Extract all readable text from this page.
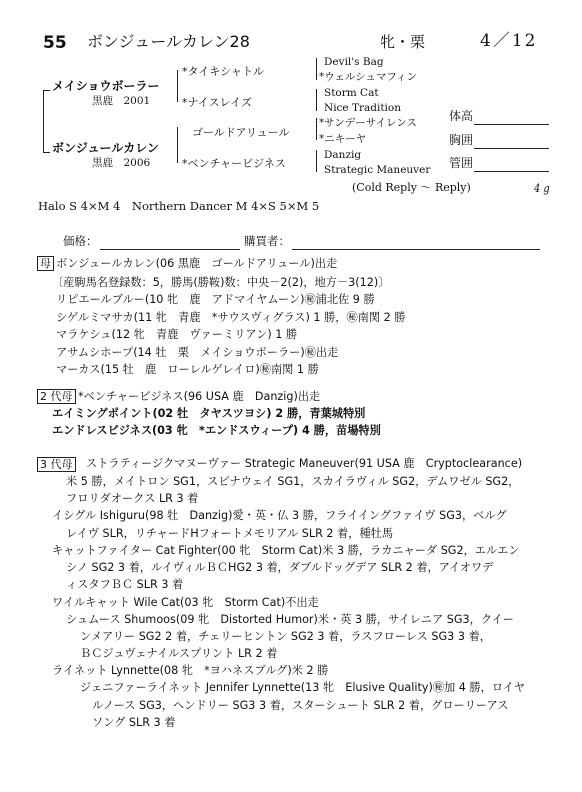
55 ボンジュールカレン28	牝・栗	4／12
メイショウボーラー
黒鹿　2001
ボンジュールカレン
黒鹿　2006
*タイキシャトル
*ナイスレイズ
ゴールドアリュール
*ベンチャービジネス
Devil's Bag
*ウェルシュマフィン
Storm Cat
Nice Tradition
*サンデーサイレンス
*ニキーヤ
Danzig
Strategic Maneuver
体高
胸囲
管囲
(Cold Reply ～ Reply)	4 g
Halo S 4×M 4　Northern Dancer M 4×S 5×M 5
価格：	購買者：
母 ボンジュールカレン(06 黒鹿　ゴールドアリュール)出走
〔産駒馬名登録数：5，勝馬(勝鞍)数：中央－2(2)，地方－3(12)〕
リピエールブルー(10 牝　鹿　アドマイヤムーン)㊙浦北佐 9 勝
シゲルミマサカ(11 牝　青鹿　*サウスヴィグラス) 1 勝，㊙南関 2 勝
マラケシュ(12 牝　青鹿　ヴァーミリアン) 1 勝
アサムシホープ(14 牡　栗　メイショウボーラー)㊙出走
マーカス(15 牡　鹿　ローレルゲレイロ)㊙南関 1 勝
2 代母 *ベンチャービジネス(96 USA 鹿　Danzig)出走
エイミングポイント(02 牡　タヤスツヨシ) 2 勝，青葉城特別
エンドレスビジネス(03 牝　*エンドスウィープ) 4 勝，苗場特別
3 代母 ストラティージクマヌーヴァー Strategic Maneuver(91 USA 鹿　Cryptoclearance)
米 5 勝，メイトロン SG1，スピナウェイ SG1，スカイラヴィル SG2，デムワゼル SG2，
フロリダオークス LR 3 着
イシグル Ishiguru(98 牡　Danzig)愛・英・仏 3 勝，フライイングファイヴ SG3，ベルグ
レイヴ SLR，リチャードHフォートメモリアル SLR 2 着，種牡馬
キャットファイター Cat Fighter(00 牝　Storm Cat)米 3 勝，ラカニャーダ SG2，エルエン
シノ SG2 3 着，ルイヴィルＢＣHG2 3 着，ダブルドッグデア SLR 2 着，アイオワデ
ィスタフＢＣ SLR 3 着
ワイルキャット Wile Cat(03 牝　Storm Cat)不出走
シュムース Shumoos(09 牝　Distorted Humor)米・英 3 勝，サイレニア SG3，クイー
ンメアリー SG2 2 着，チェリーヒントン SG2 3 着，ラスフローレス SG3 3 着，
ＢＣジュヴェナイルスプリント LR 2 着
ライネット Lynnette(08 牝　*ヨハネスブルグ)米 2 勝
ジェニファーライネット Jennifer Lynnette(13 牝　Elusive Quality)㊙加 4 勝，ロイヤ
ルノース SG3，ヘンドリー SG3 3 着，スターシュート SLR 2 着，グローリーアス
ソング SLR 3 着
